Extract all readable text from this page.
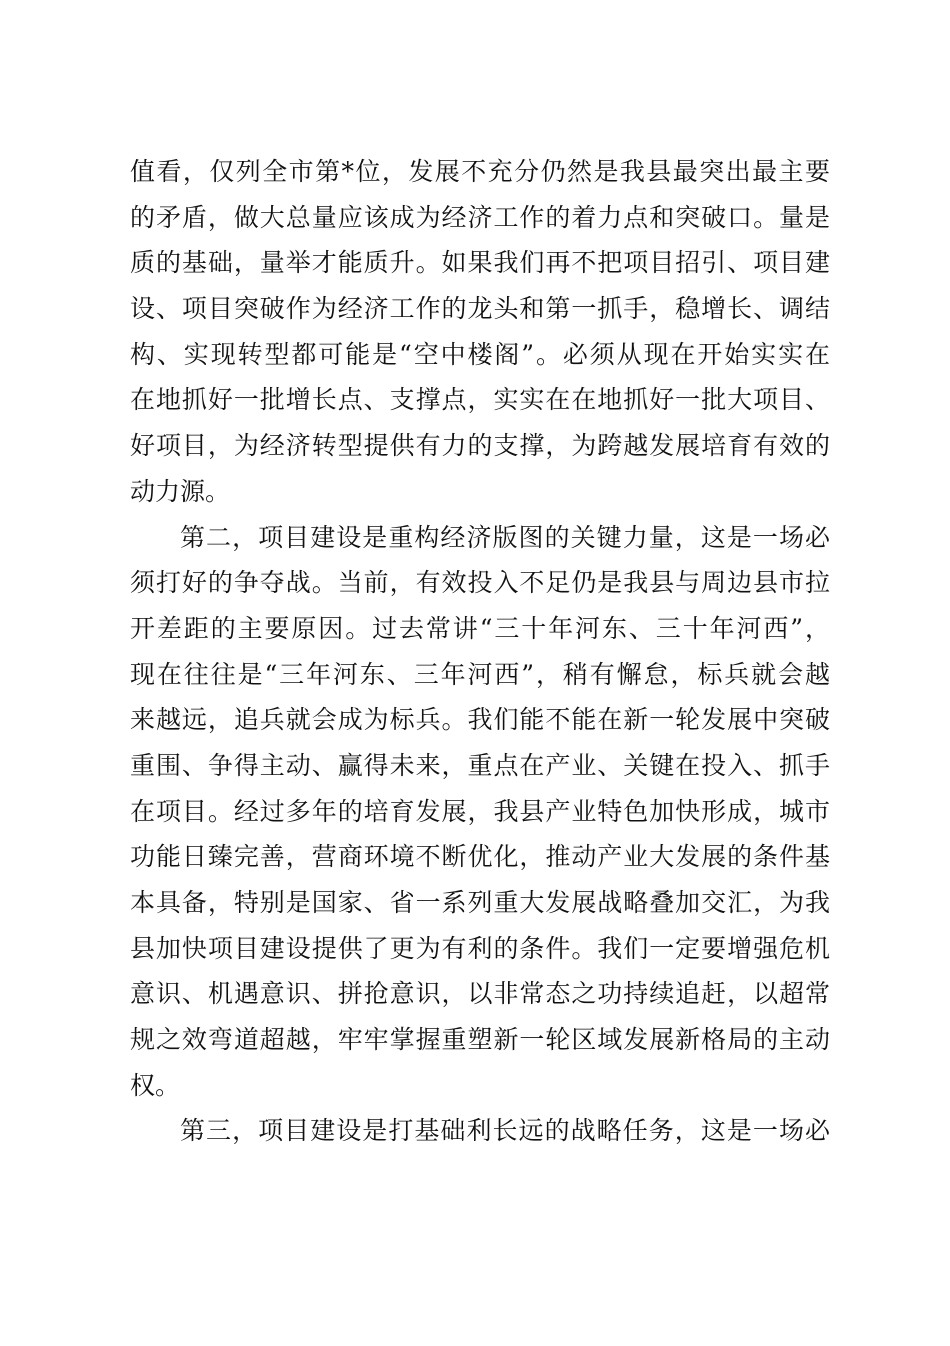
值看，仅列全市第*位，发展不充分仍然是我县最突出最主要
的矛盾，做大总量应该成为经济工作的着力点和突破口。量是
质的基础，量举才能质升。如果我们再不把项目招引、项目建
设、项目突破作为经济工作的龙头和第一抓手，稳增长、调结
构、实现转型都可能是“空中楼阁”。必须从现在开始实实在
在地抓好一批增长点、支撑点，实实在在地抓好一批大项目、
好项目，为经济转型提供有力的支撑，为跨越发展培育有效的
动力源。
第二，项目建设是重构经济版图的关键力量，这是一场必
须打好的争夺战。当前，有效投入不足仍是我县与周边县市拉
开差距的主要原因。过去常讲“三十年河东、三十年河西”，
现在往往是“三年河东、三年河西”，稍有懈怠，标兵就会越
来越远，追兵就会成为标兵。我们能不能在新一轮发展中突破
重围、争得主动、赢得未来，重点在产业、关键在投入、抓手
在项目。经过多年的培育发展，我县产业特色加快形成，城市
功能日臻完善，营商环境不断优化，推动产业大发展的条件基
本具备，特别是国家、省一系列重大发展战略叠加交汇，为我
县加快项目建设提供了更为有利的条件。我们一定要增强危机
意识、机遇意识、拼抢意识，以非常态之功持续追赶，以超常
规之效弯道超越，牢牢掌握重塑新一轮区域发展新格局的主动
权。
第三，项目建设是打基础利长远的战略任务，这是一场必
